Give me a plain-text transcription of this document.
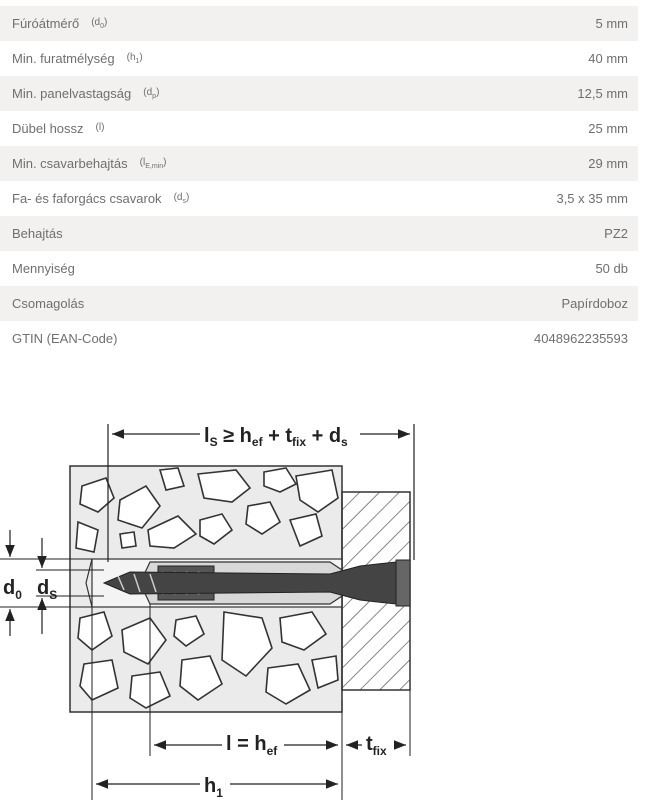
Fúróátmérő $(d_0)$	5 mm
Min. furatmélység $(h_1)$	40 mm
Min. panelvastagság $(d_p)$	12,5 mm
Dübel hossz (l)	25 mm
Min. csavarbehajtás $(l_{E,min})$	29 mm
Fa- és faforgács csavarok $(d_s)$	3,5 x 35 mm
Behajtás	PZ2
Mennyiség	50 db
Csomagolás	Papírdoboz
GTIN (EAN-Code)	4048962235593
$l_S \ge h_{ef} + t_{fix} + d_s$
$d_0$ $d_S$
$l = h_{ef}$	$t_{fix}$
$h_1$
